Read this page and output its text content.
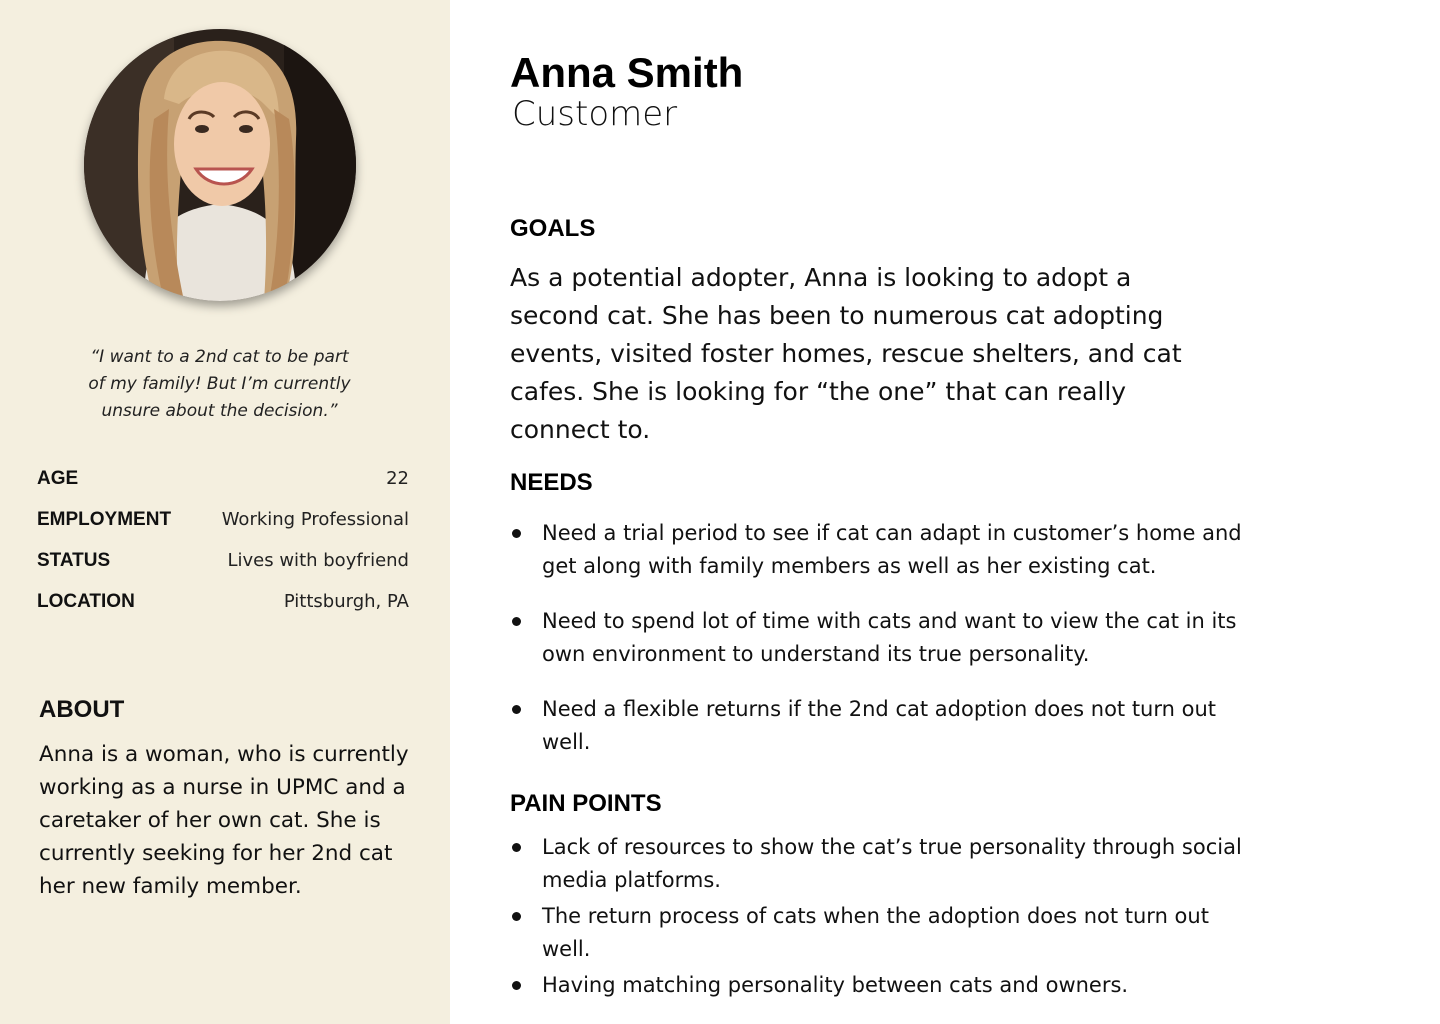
“I want to a 2nd cat to be part of my family! But I’m currently unsure about the decision.”
AGE	22
EMPLOYMENT	Working Professional
STATUS	Lives with boyfriend
LOCATION	Pittsburgh, PA
ABOUT
Anna is a woman, who is currently working as a nurse in UPMC and a caretaker of her own cat. She is currently seeking for her 2nd cat her new family member.
Anna Smith
Customer
GOALS
As a potential adopter, Anna is looking to adopt a second cat. She has been to numerous cat adopting events, visited foster homes, rescue shelters, and cat cafes. She is looking for “the one” that can really connect to.
NEEDS
Need a trial period to see if cat can adapt in customer’s home and get along with family members as well as her existing cat.
Need to spend lot of time with cats and want to view the cat in its own environment to understand its true personality.
Need a flexible returns if the 2nd cat adoption does not turn out well.
PAIN POINTS
Lack of resources to show the cat’s true personality through social media platforms.
The return process of cats when the adoption does not turn out well.
Having matching personality between cats and owners.
